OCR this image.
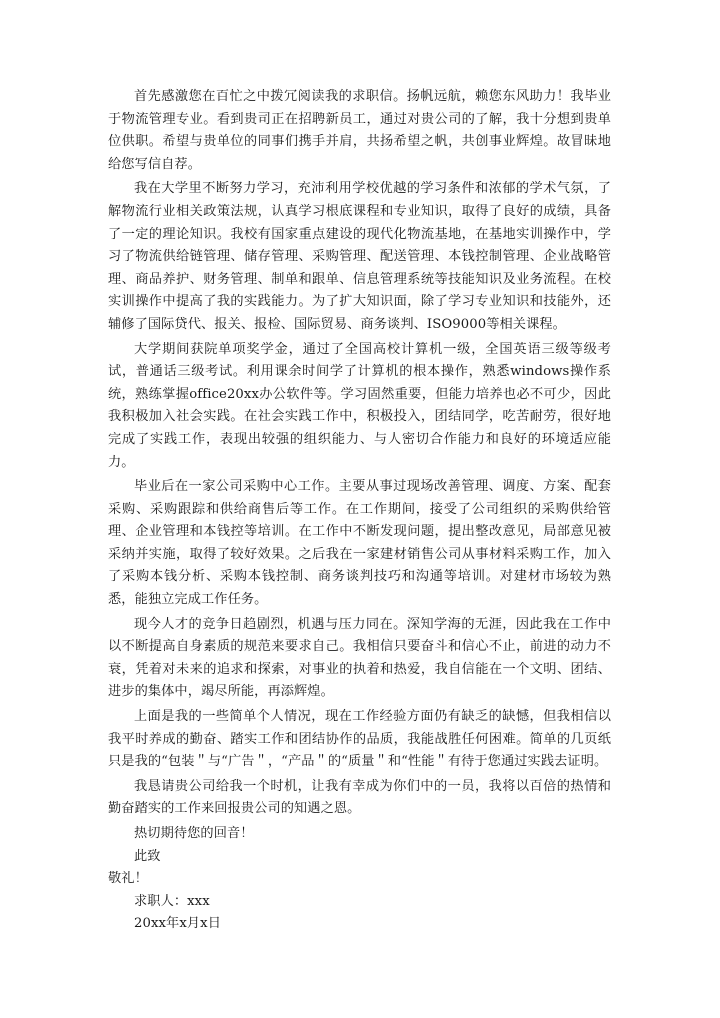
首先感激您在百忙之中拨冗阅读我的求职信。扬帆远航，赖您东风助力！我毕业于物流管理专业。看到贵司正在招聘新员工，通过对贵公司的了解，我十分想到贵单位供职。希望与贵单位的同事们携手并肩，共扬希望之帆，共创事业辉煌。故冒昧地给您写信自荐。

我在大学里不断努力学习，充沛利用学校优越的学习条件和浓郁的学术气氛，了解物流行业相关政策法规，认真学习根底课程和专业知识，取得了良好的成绩，具备了一定的理论知识。我校有国家重点建设的现代化物流基地，在基地实训操作中，学习了物流供给链管理、储存管理、采购管理、配送管理、本钱控制管理、企业战略管理、商品养护、财务管理、制单和跟单、信息管理系统等技能知识及业务流程。在校实训操作中提高了我的实践能力。为了扩大知识面，除了学习专业知识和技能外，还辅修了国际贷代、报关、报检、国际贸易、商务谈判、ISO9000等相关课程。

大学期间获院单项奖学金，通过了全国高校计算机一级，全国英语三级等级考试，普通话三级考试。利用课余时间学了计算机的根本操作，熟悉windows操作系统，熟练掌握office20xx办公软件等。学习固然重要，但能力培养也必不可少，因此我积极加入社会实践。在社会实践工作中，积极投入，团结同学，吃苦耐劳，很好地完成了实践工作，表现出较强的组织能力、与人密切合作能力和良好的环境适应能力。

毕业后在一家公司采购中心工作。主要从事过现场改善管理、调度、方案、配套采购、采购跟踪和供给商售后等工作。在工作期间，接受了公司组织的采购供给管理、企业管理和本钱控等培训。在工作中不断发现问题，提出整改意见，局部意见被采纳并实施，取得了较好效果。之后我在一家建材销售公司从事材料采购工作，加入了采购本钱分析、采购本钱控制、商务谈判技巧和沟通等培训。对建材市场较为熟悉，能独立完成工作任务。

现今人才的竞争日趋剧烈，机遇与压力同在。深知学海的无涯，因此我在工作中以不断提高自身素质的规范来要求自己。我相信只要奋斗和信心不止，前进的动力不衰，凭着对未来的追求和探索，对事业的执着和热爱，我自信能在一个文明、团结、进步的集体中，竭尽所能，再添辉煌。

上面是我的一些简单个人情况，现在工作经验方面仍有缺乏的缺憾，但我相信以我平时养成的勤奋、踏实工作和团结协作的品质，我能战胜任何困难。简单的几页纸只是我的“包装＂与“广告＂，“产品＂的“质量＂和“性能＂有待于您通过实践去证明。

我恳请贵公司给我一个时机，让我有幸成为你们中的一员，我将以百倍的热情和勤奋踏实的工作来回报贵公司的知遇之恩。

热切期待您的回音！

此致

敬礼！

求职人：xxx

20xx年x月x日
